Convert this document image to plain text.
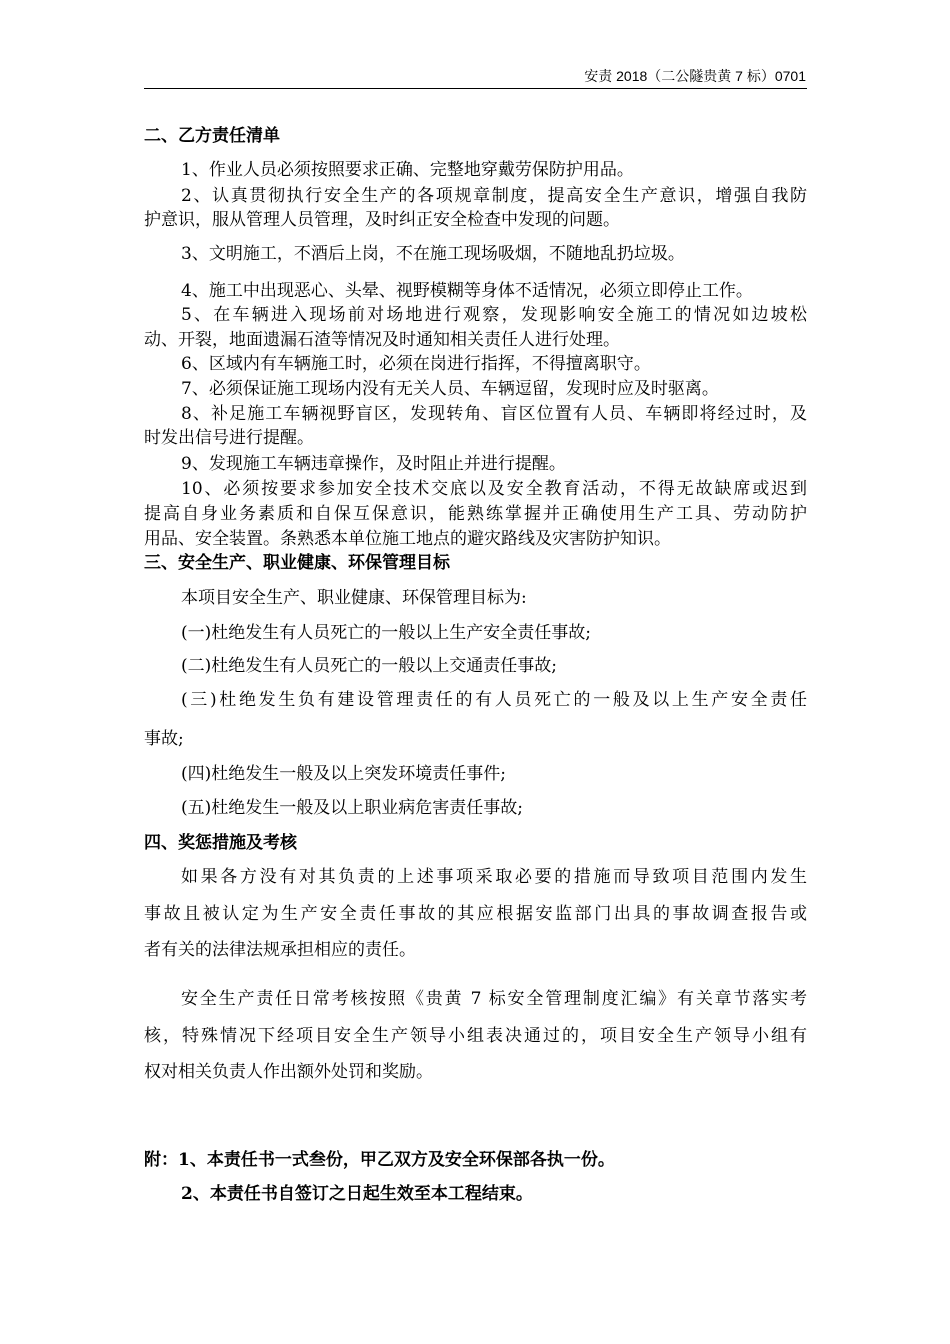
安责 2018（二公隧贵黄 7 标）0701
二、乙方责任清单
1、作业人员必须按照要求正确、完整地穿戴劳保防护用品。
2、认真贯彻执行安全生产的各项规章制度，提高安全生产意识，增强自我防
护意识，服从管理人员管理，及时纠正安全检查中发现的问题。
3、文明施工，不酒后上岗，不在施工现场吸烟，不随地乱扔垃圾。
4、施工中出现恶心、头晕、视野模糊等身体不适情况，必须立即停止工作。
5、在车辆进入现场前对场地进行观察，发现影响安全施工的情况如边坡松
动、开裂，地面遗漏石渣等情况及时通知相关责任人进行处理。
6、区域内有车辆施工时，必须在岗进行指挥，不得擅离职守。
7、必须保证施工现场内没有无关人员、车辆逗留，发现时应及时驱离。
8、补足施工车辆视野盲区，发现转角、盲区位置有人员、车辆即将经过时，及
时发出信号进行提醒。
9、发现施工车辆违章操作，及时阻止并进行提醒。
10、必须按要求参加安全技术交底以及安全教育活动，不得无故缺席或迟到
提高自身业务素质和自保互保意识，能熟练掌握并正确使用生产工具、劳动防护
用品、安全装置。条熟悉本单位施工地点的避灾路线及灾害防护知识。
三、安全生产、职业健康、环保管理目标
本项目安全生产、职业健康、环保管理目标为:
(一)杜绝发生有人员死亡的一般以上生产安全责任事故;
(二)杜绝发生有人员死亡的一般以上交通责任事故;
(三)杜绝发生负有建设管理责任的有人员死亡的一般及以上生产安全责任
事故;
(四)杜绝发生一般及以上突发环境责任事件;
(五)杜绝发生一般及以上职业病危害责任事故;
四、奖惩措施及考核
如果各方没有对其负责的上述事项采取必要的措施而导致项目范围内发生
事故且被认定为生产安全责任事故的其应根据安监部门出具的事故调查报告或
者有关的法律法规承担相应的责任。
安全生产责任日常考核按照《贵黄 7 标安全管理制度汇编》有关章节落实考
核，特殊情况下经项目安全生产领导小组表决通过的，项目安全生产领导小组有
权对相关负责人作出额外处罚和奖励。
附：1、本责任书一式叁份，甲乙双方及安全环保部各执一份。
2、本责任书自签订之日起生效至本工程结束。
